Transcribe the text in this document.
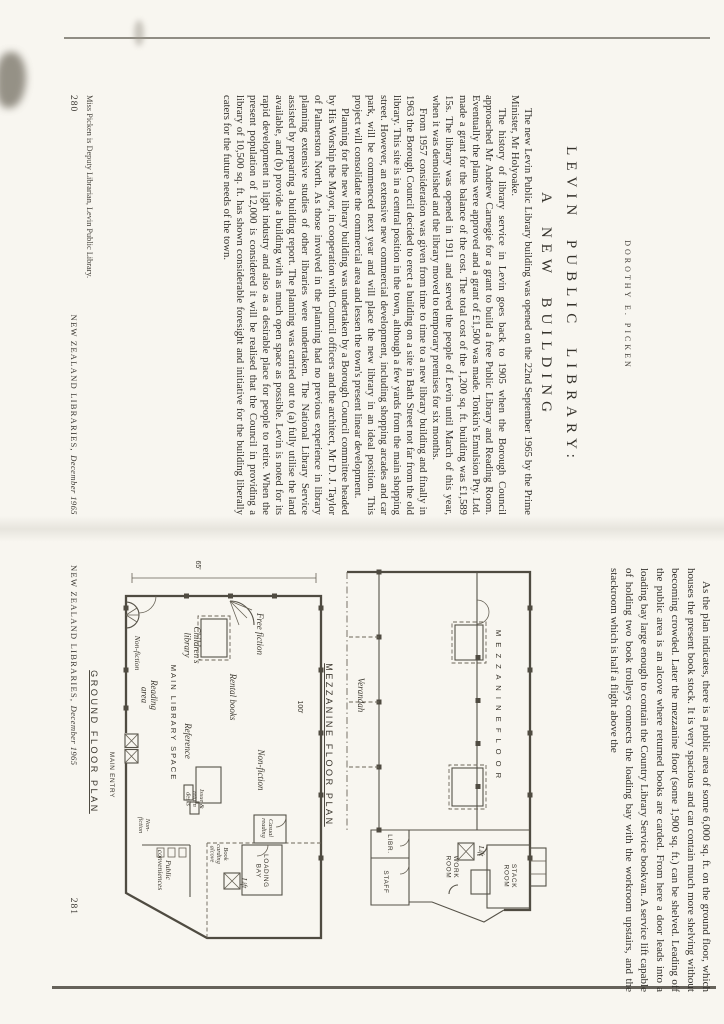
DOROTHY E. PICKEN
LEVIN PUBLIC LIBRARY:
A NEW BUILDING

The new Levin Public Library building was opened on the 22nd September 1965 by the Prime Minister, Mr Holyoake.

The history of library service in Levin goes back to 1905 when the Borough Council approached Mr Andrew Carnegie for a grant to build a free Public Library and Reading Room. Eventually the plans were approved and a grant of £1,500 was made. Tonkin's Emulsion Pty. Ltd. made a grant for the balance of the cost. The total cost of the 1,200 sq. ft. building was £1,589 15s. The library was opened in 1911 and served the people of Levin until March of this year, when it was demolished and the library moved to temporary premises for six months.

From 1957 consideration was given from time to time to a new library building and finally in 1963 the Borough Council decided to erect a building on a site in Bath Street not far from the old library. This site is in a central position in the town, although a few yards from the main shopping street. However, an extensive new commercial development, including shopping arcades and car park, will be commenced next year and will place the new library in an ideal position. This project will consolidate the commercial area and lessen the town's present linear development.

Planning for the new library building was undertaken by a Borough Council committee headed by His Worship the Mayor, in cooperation with Council officers and the architect, Mr D. J. Taylor of Palmerston North. As those involved in the planning had no previous experience in library planning extensive studies of other libraries were undertaken. The National Library Service assisted by preparing a building report. The planning was carried out to (a) fully utilise the land available, and (b) provide a building with as much open space as possible. Levin is noted for its rapid development in light industry and also as a desirable place for people to retire. When the present population of 12,000 is considered it will be realised that the Council in providing a library of 10,500 sq. ft. has shown considerable foresight and initiative for the building liberally caters for the future needs of the town.

Miss Picken is Deputy Librarian, Levin Public Library.
280
NEW ZEALAND LIBRARIES, December 1965

As the plan indicates, there is a public area of some 6,000 sq. ft. on the ground floor, which houses the present book stock. It is very spacious and can contain much more shelving without becoming crowded. Later the mezzanine floor (some 1,900 sq. ft.) can be shelved. Leading off the public area is an alcove where returned books are carded. From here a door leads into a loading bay large enough to contain the Country Library Service bookvan. A service lift capable of holding two book trolleys connects the loading bay with the workroom upstairs, and the stackroom which is half a flight above the

M E Z Z A N I N E F L O O R
Verandah
STACKROOM
WORKROOM
Lift
LIBR.
STAFF
MEZZANINE FLOOR PLAN
Free fiction
Rental books
Non-fiction
Children'slibrary
Reference
MAIN LIBRARY SPACE
Readingarea
Issue &returndesks
Non-fiction
Non-fiction
MAIN ENTRY
Casualreading
LOADINGBAY
Bookcardingalcove
Lift
Publicconveniences
100'
65'
GROUND FLOOR PLAN
NEW ZEALAND LIBRARIES, December 1965
281
